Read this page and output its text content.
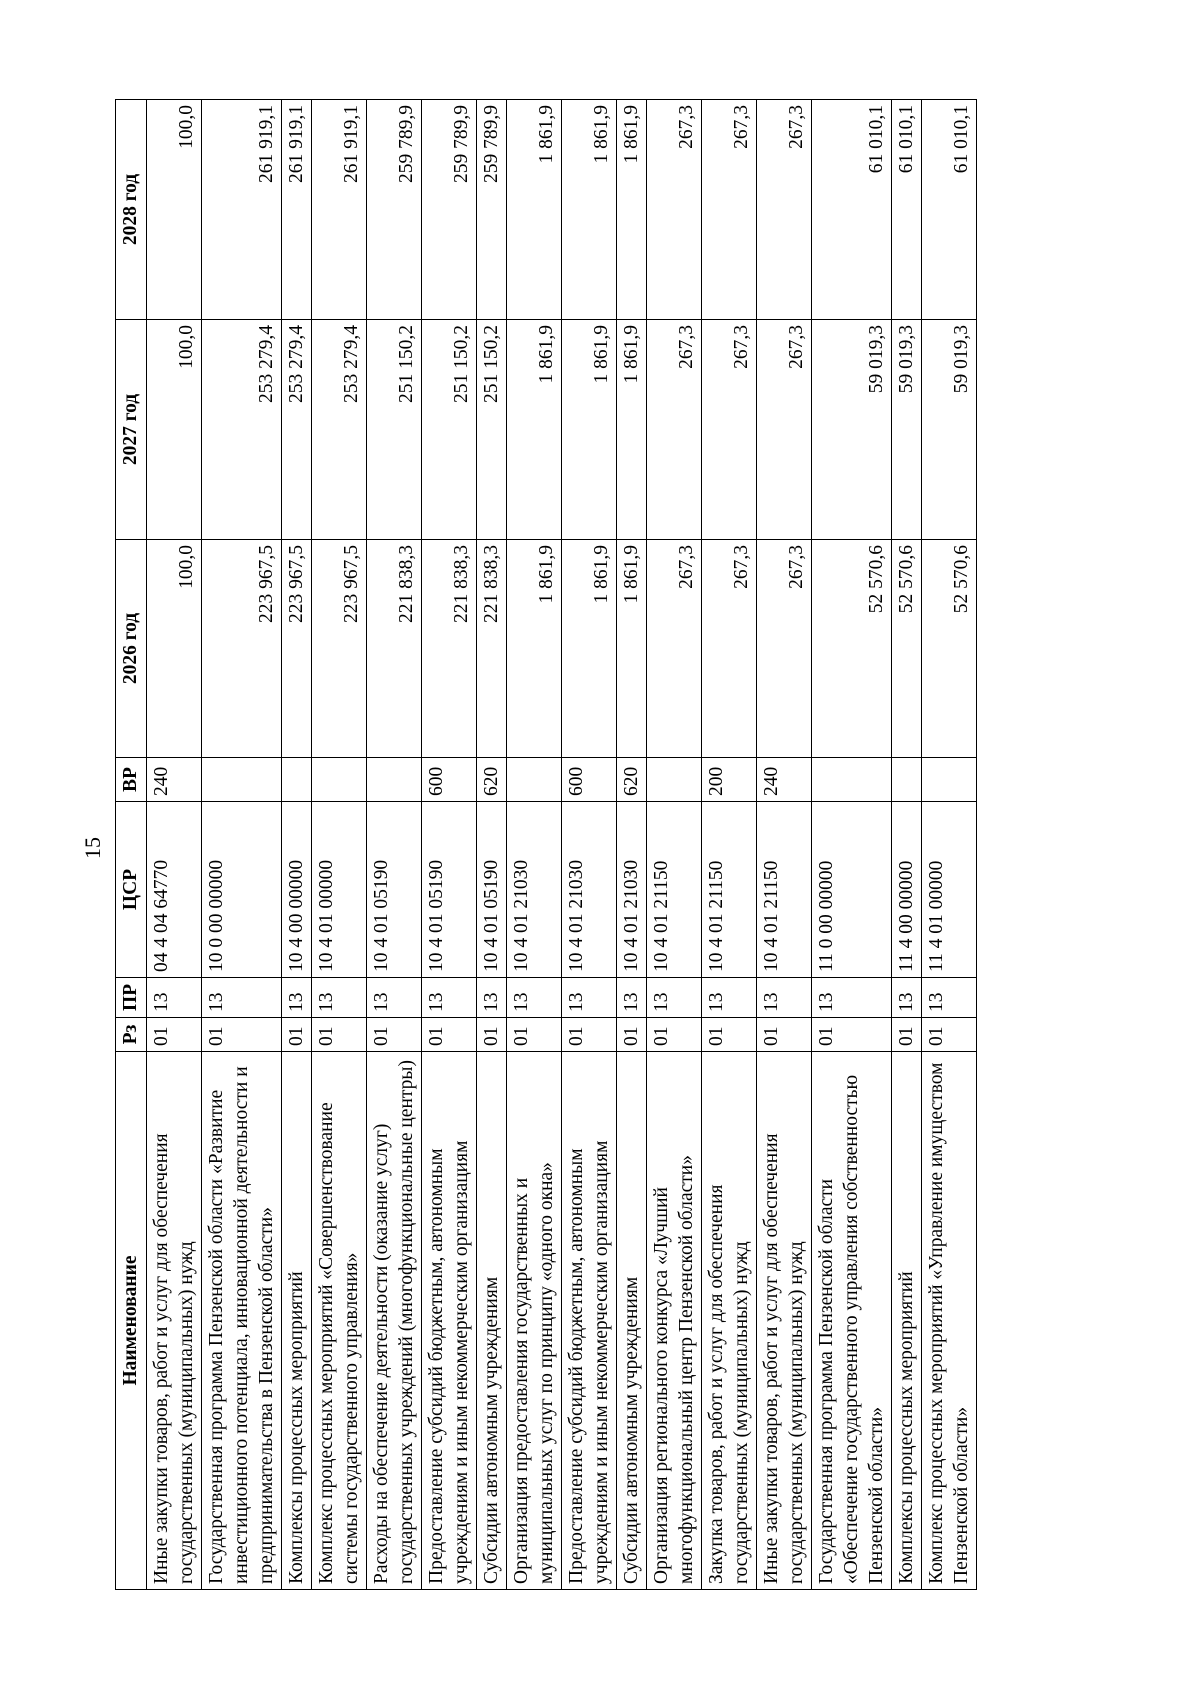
15
Наименование	Рз	ПР	ЦСР	ВР	2026 год	2027 год	2028 год
Иные закупки товаров, работ и услуг для обеспечения государственных (муниципальных) нужд	01	13	04 4 04 64770	240	100,0	100,0	100,0
Государственная программа Пензенской области «Развитие инвестиционного потенциала, инновационной деятельности и предпринимательства в Пензенской области»	01	13	10 0 00 00000		223 967,5	253 279,4	261 919,1
Комплексы процессных мероприятий	01	13	10 4 00 00000		223 967,5	253 279,4	261 919,1
Комплекс процессных мероприятий «Совершенствование системы государственного управления»	01	13	10 4 01 00000		223 967,5	253 279,4	261 919,1
Расходы на обеспечение деятельности (оказание услуг) государственных учреждений (многофункциональные центры)	01	13	10 4 01 05190		221 838,3	251 150,2	259 789,9
Предоставление субсидий бюджетным, автономным учреждениям и иным некоммерческим организациям	01	13	10 4 01 05190	600	221 838,3	251 150,2	259 789,9
Субсидии автономным учреждениям	01	13	10 4 01 05190	620	221 838,3	251 150,2	259 789,9
Организация предоставления государственных и муниципальных услуг по принципу «одного окна»	01	13	10 4 01 21030		1 861,9	1 861,9	1 861,9
Предоставление субсидий бюджетным, автономным учреждениям и иным некоммерческим организациям	01	13	10 4 01 21030	600	1 861,9	1 861,9	1 861,9
Субсидии автономным учреждениям	01	13	10 4 01 21030	620	1 861,9	1 861,9	1 861,9
Организация регионального конкурса «Лучший многофункциональный центр Пензенской области»	01	13	10 4 01 21150		267,3	267,3	267,3
Закупка товаров, работ и услуг для обеспечения государственных (муниципальных) нужд	01	13	10 4 01 21150	200	267,3	267,3	267,3
Иные закупки товаров, работ и услуг для обеспечения государственных (муниципальных) нужд	01	13	10 4 01 21150	240	267,3	267,3	267,3
Государственная программа Пензенской области «Обеспечение государственного управления собственностью Пензенской области»	01	13	11 0 00 00000		52 570,6	59 019,3	61 010,1
Комплексы процессных мероприятий	01	13	11 4 00 00000		52 570,6	59 019,3	61 010,1
Комплекс процессных мероприятий «Управление имуществом Пензенской области»	01	13	11 4 01 00000		52 570,6	59 019,3	61 010,1
